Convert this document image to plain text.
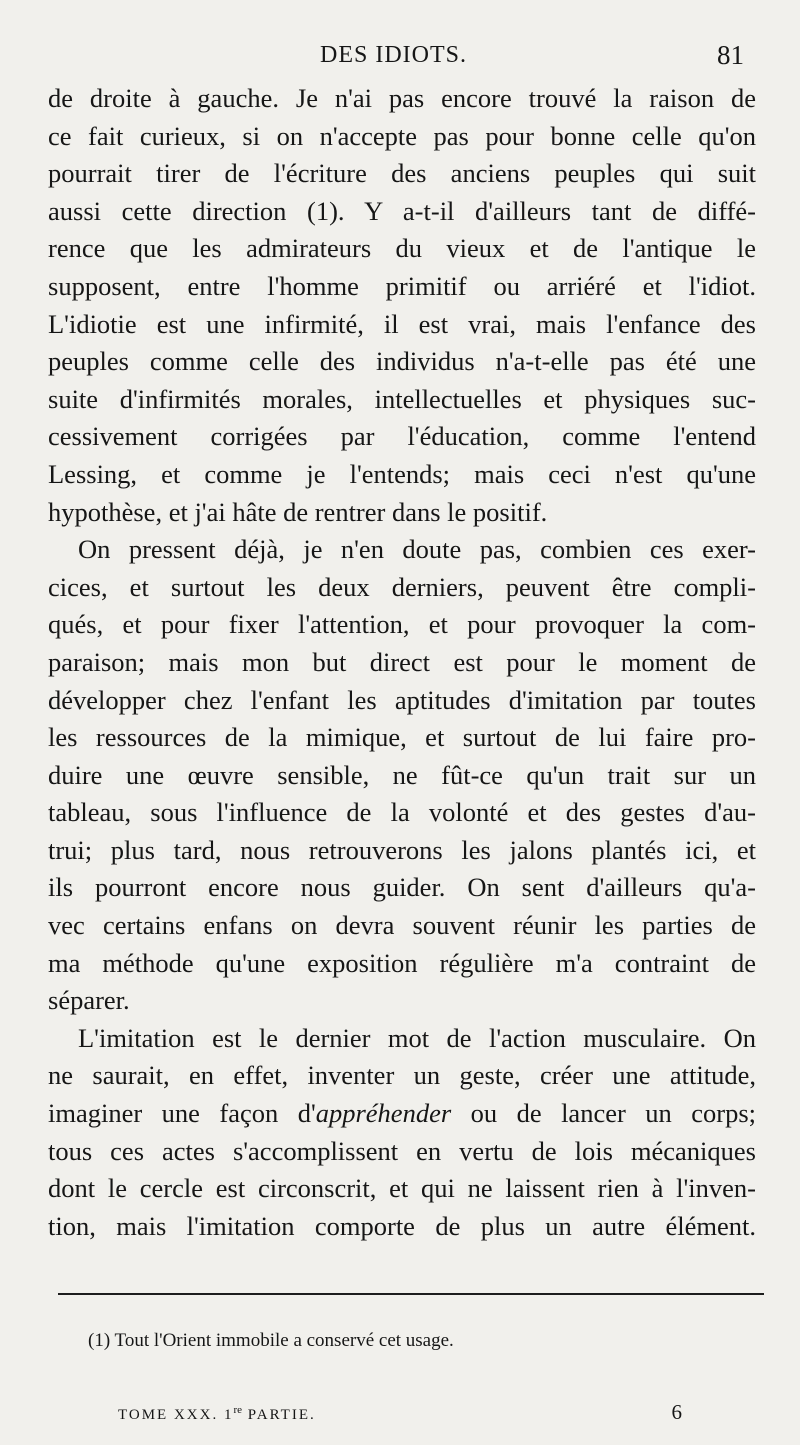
DES IDIOTS.	81
de droite à gauche. Je n'ai pas encore trouvé la raison de
ce fait curieux, si on n'accepte pas pour bonne celle qu'on
pourrait tirer de l'écriture des anciens peuples qui suit
aussi cette direction (1). Y a-t-il d'ailleurs tant de diffé-
rence que les admirateurs du vieux et de l'antique le
supposent, entre l'homme primitif ou arriéré et l'idiot.
L'idiotie est une infirmité, il est vrai, mais l'enfance des
peuples comme celle des individus n'a-t-elle pas été une
suite d'infirmités morales, intellectuelles et physiques suc-
cessivement corrigées par l'éducation, comme l'entend
Lessing, et comme je l'entends; mais ceci n'est qu'une
hypothèse, et j'ai hâte de rentrer dans le positif.
On pressent déjà, je n'en doute pas, combien ces exer-
cices, et surtout les deux derniers, peuvent être compli-
qués, et pour fixer l'attention, et pour provoquer la com-
paraison; mais mon but direct est pour le moment de
développer chez l'enfant les aptitudes d'imitation par toutes
les ressources de la mimique, et surtout de lui faire pro-
duire une œuvre sensible, ne fût-ce qu'un trait sur un
tableau, sous l'influence de la volonté et des gestes d'au-
trui; plus tard, nous retrouverons les jalons plantés ici, et
ils pourront encore nous guider. On sent d'ailleurs qu'a-
vec certains enfans on devra souvent réunir les parties de
ma méthode qu'une exposition régulière m'a contraint de
séparer.
L'imitation est le dernier mot de l'action musculaire. On
ne saurait, en effet, inventer un geste, créer une attitude,
imaginer une façon d'appréhender ou de lancer un corps;
tous ces actes s'accomplissent en vertu de lois mécaniques
dont le cercle est circonscrit, et qui ne laissent rien à l'inven-
tion, mais l'imitation comporte de plus un autre élément.
(1) Tout l'Orient immobile a conservé cet usage.
TOME XXX. 1re PARTIE.	6
